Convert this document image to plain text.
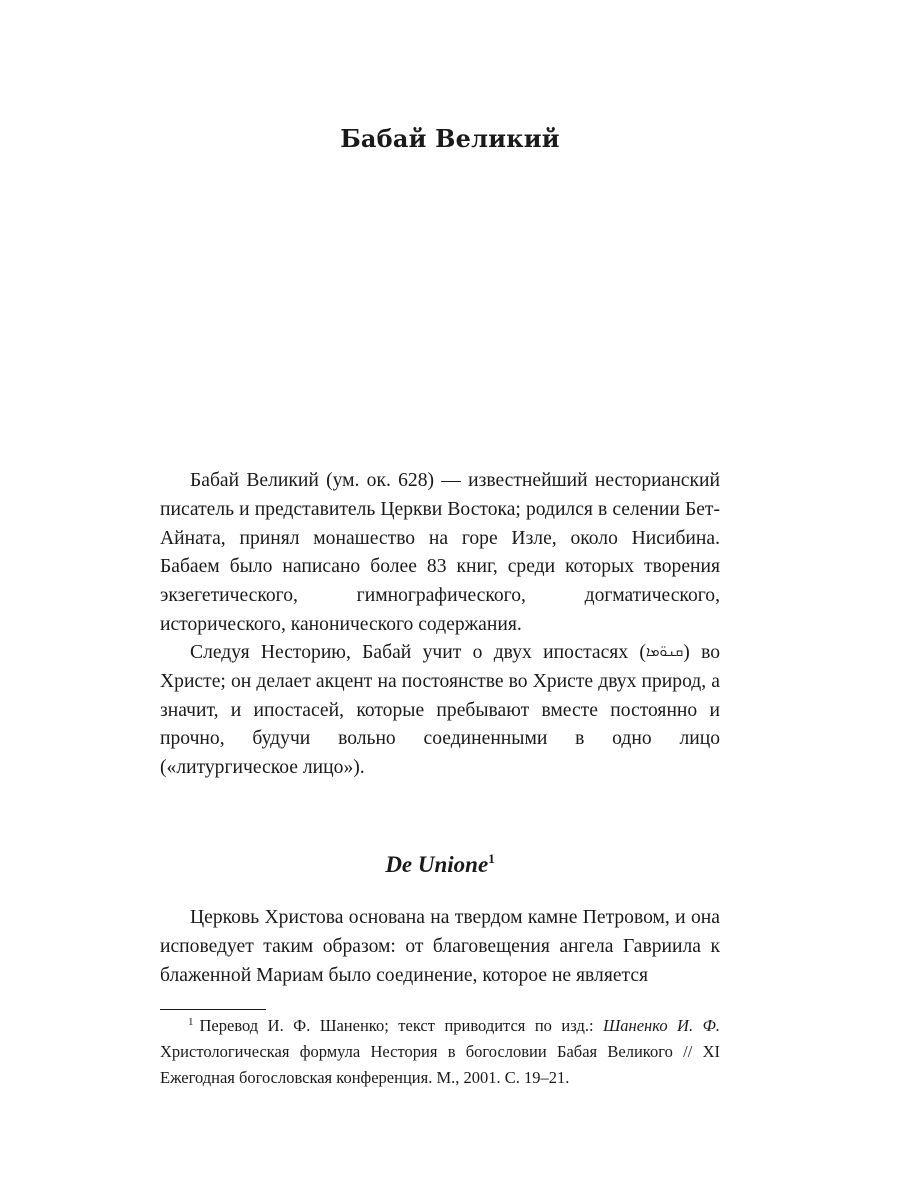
Бабай Великий

Бабай Великий (ум. ок. 628) — известнейший несторианский писатель и представитель Церкви Востока; родился в селении Бет-Айната, принял монашество на горе Изле, около Нисибина. Бабаем было написано более 83 книг, среди которых творения экзегетического, гимнографического, догматического, исторического, канонического содержания.

Следуя Несторию, Бабай учит о двух ипостасях (ܩܢܘ̈ܡܐ) во Христе; он делает акцент на постоянстве во Христе двух природ, а значит, и ипостасей, которые пребывают вместе постоянно и прочно, будучи вольно соединенными в одно лицо («литургическое лицо»).

De Unione$^1$

Церковь Христова основана на твердом камне Петровом, и она исповедует таким образом: от благовещения ангела Гавриила к блаженной Мариам было соединение, которое не является

$^1$ Перевод И. Ф. Шаненко; текст приводится по изд.: Шаненко И. Ф. Христологическая формула Нестория в богословии Бабая Великого // XI Ежегодная богословская конференция. М., 2001. С. 19–21.
